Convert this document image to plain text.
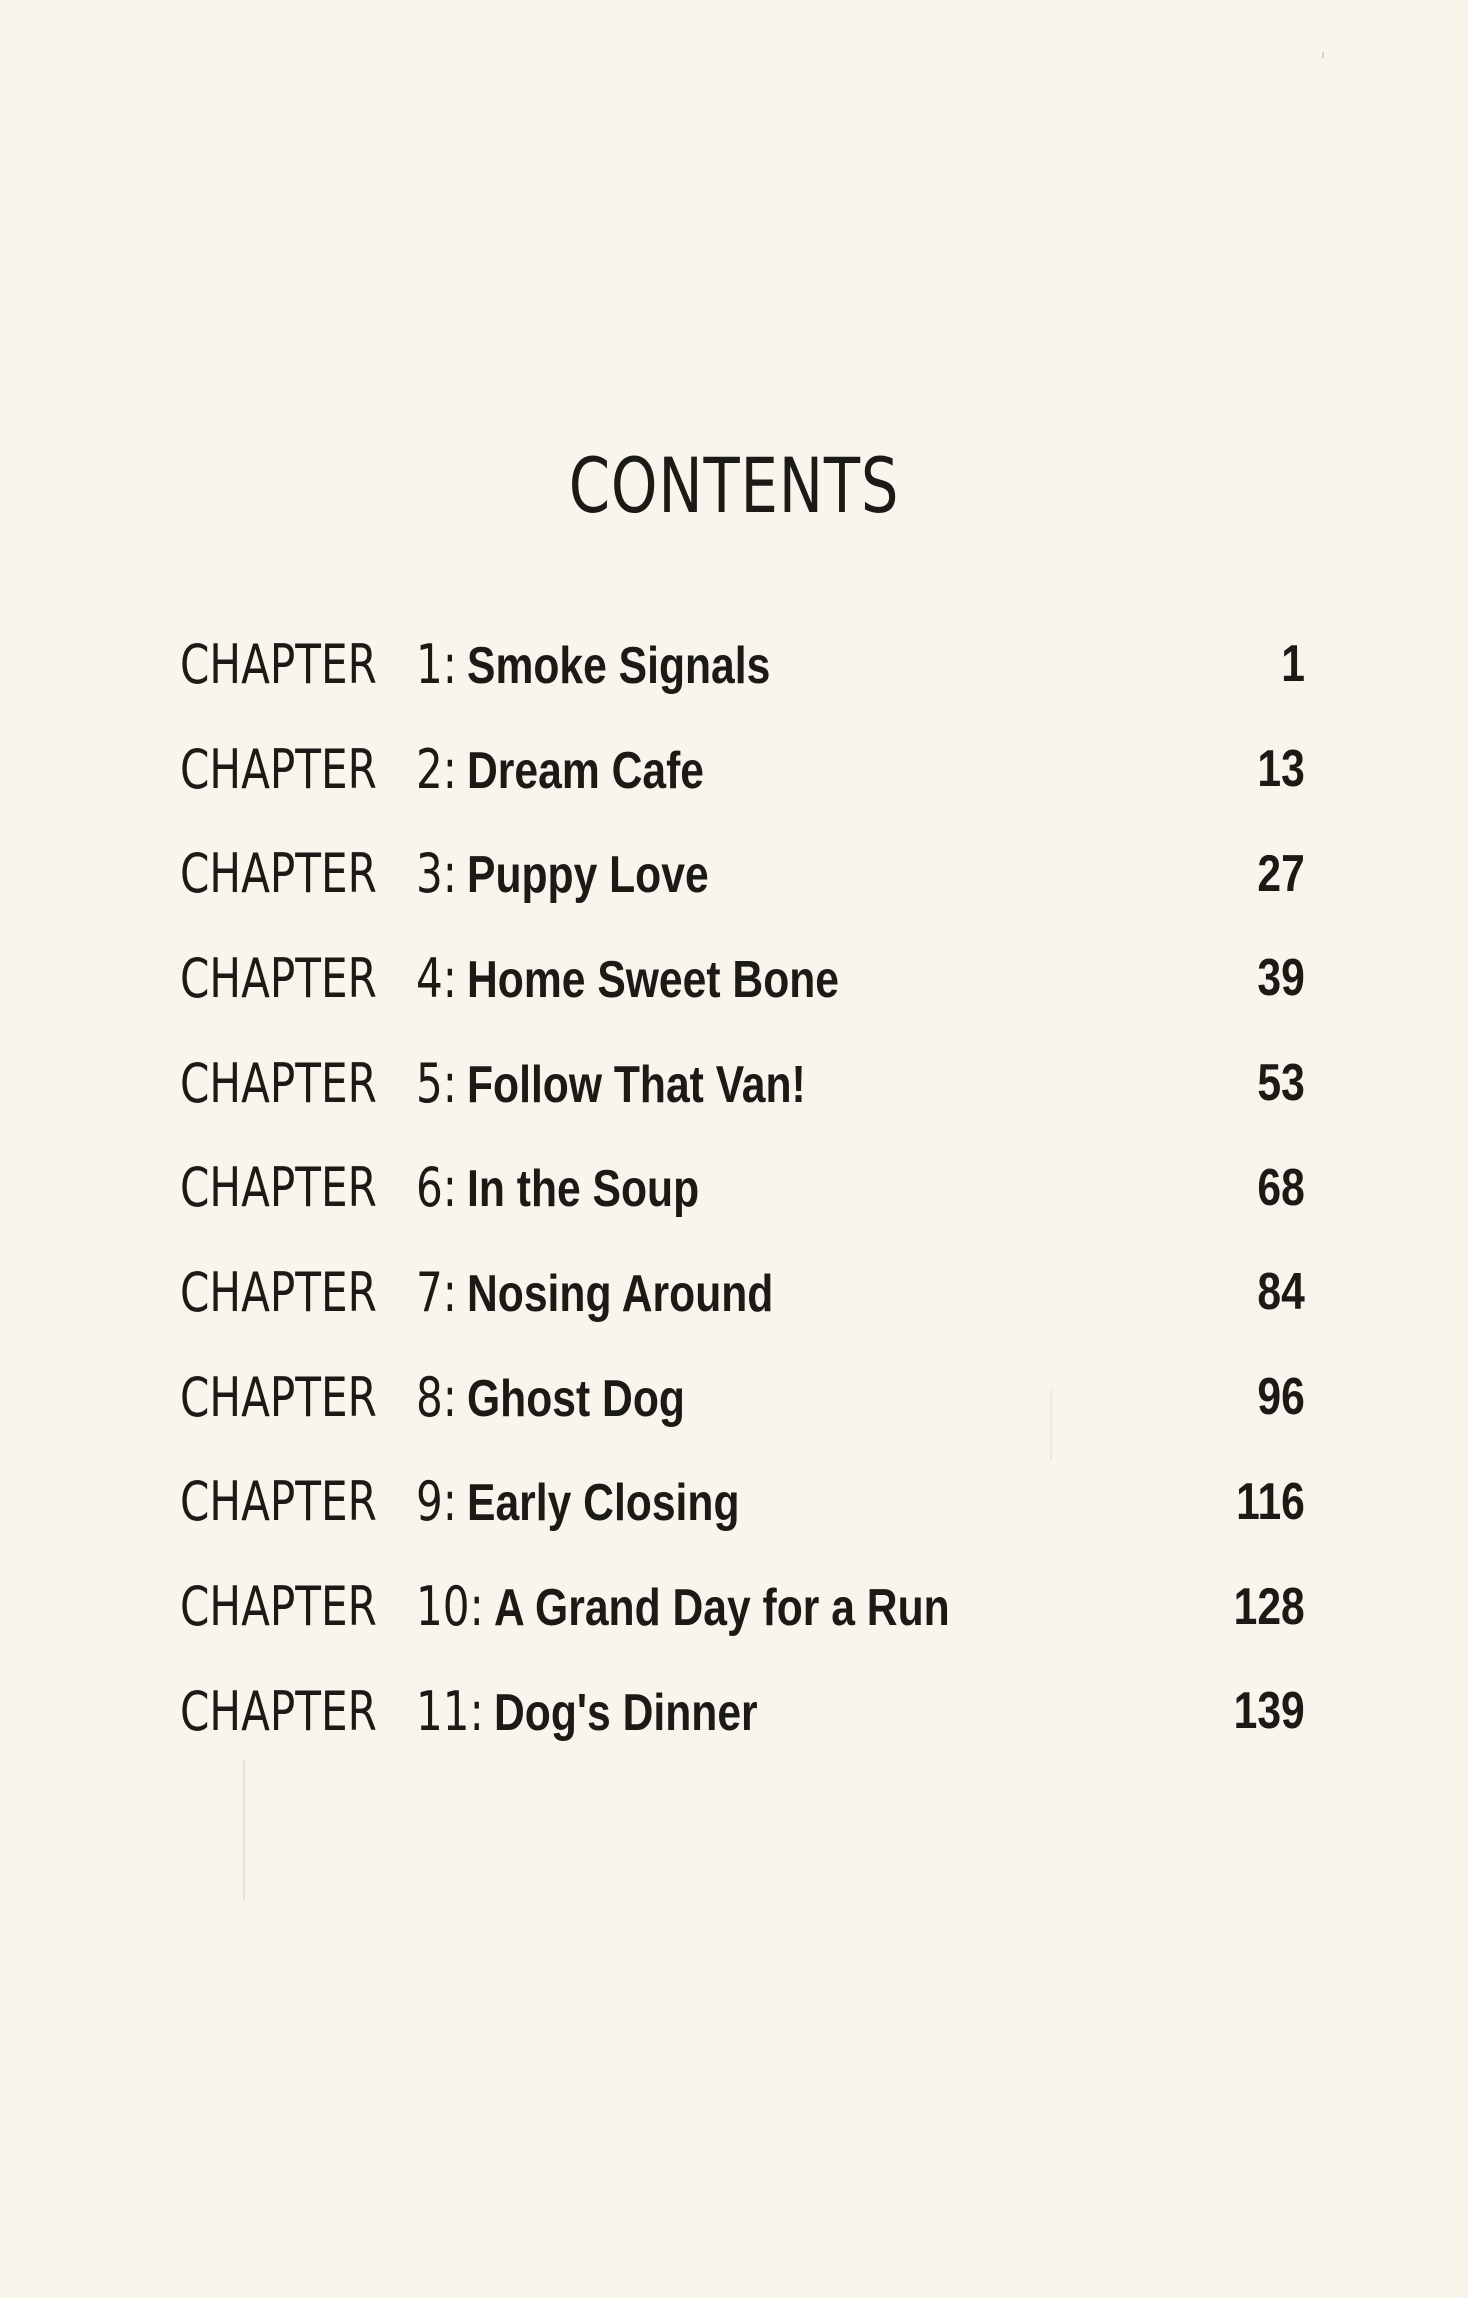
CONTENTS
CHAPTER 1: Smoke Signals	1
CHAPTER 2: Dream Cafe	13
CHAPTER 3: Puppy Love	27
CHAPTER 4: Home Sweet Bone	39
CHAPTER 5: Follow That Van!	53
CHAPTER 6: In the Soup	68
CHAPTER 7: Nosing Around	84
CHAPTER 8: Ghost Dog	96
CHAPTER 9: Early Closing	116
CHAPTER 10: A Grand Day for a Run	128
CHAPTER 11: Dog's Dinner	139
